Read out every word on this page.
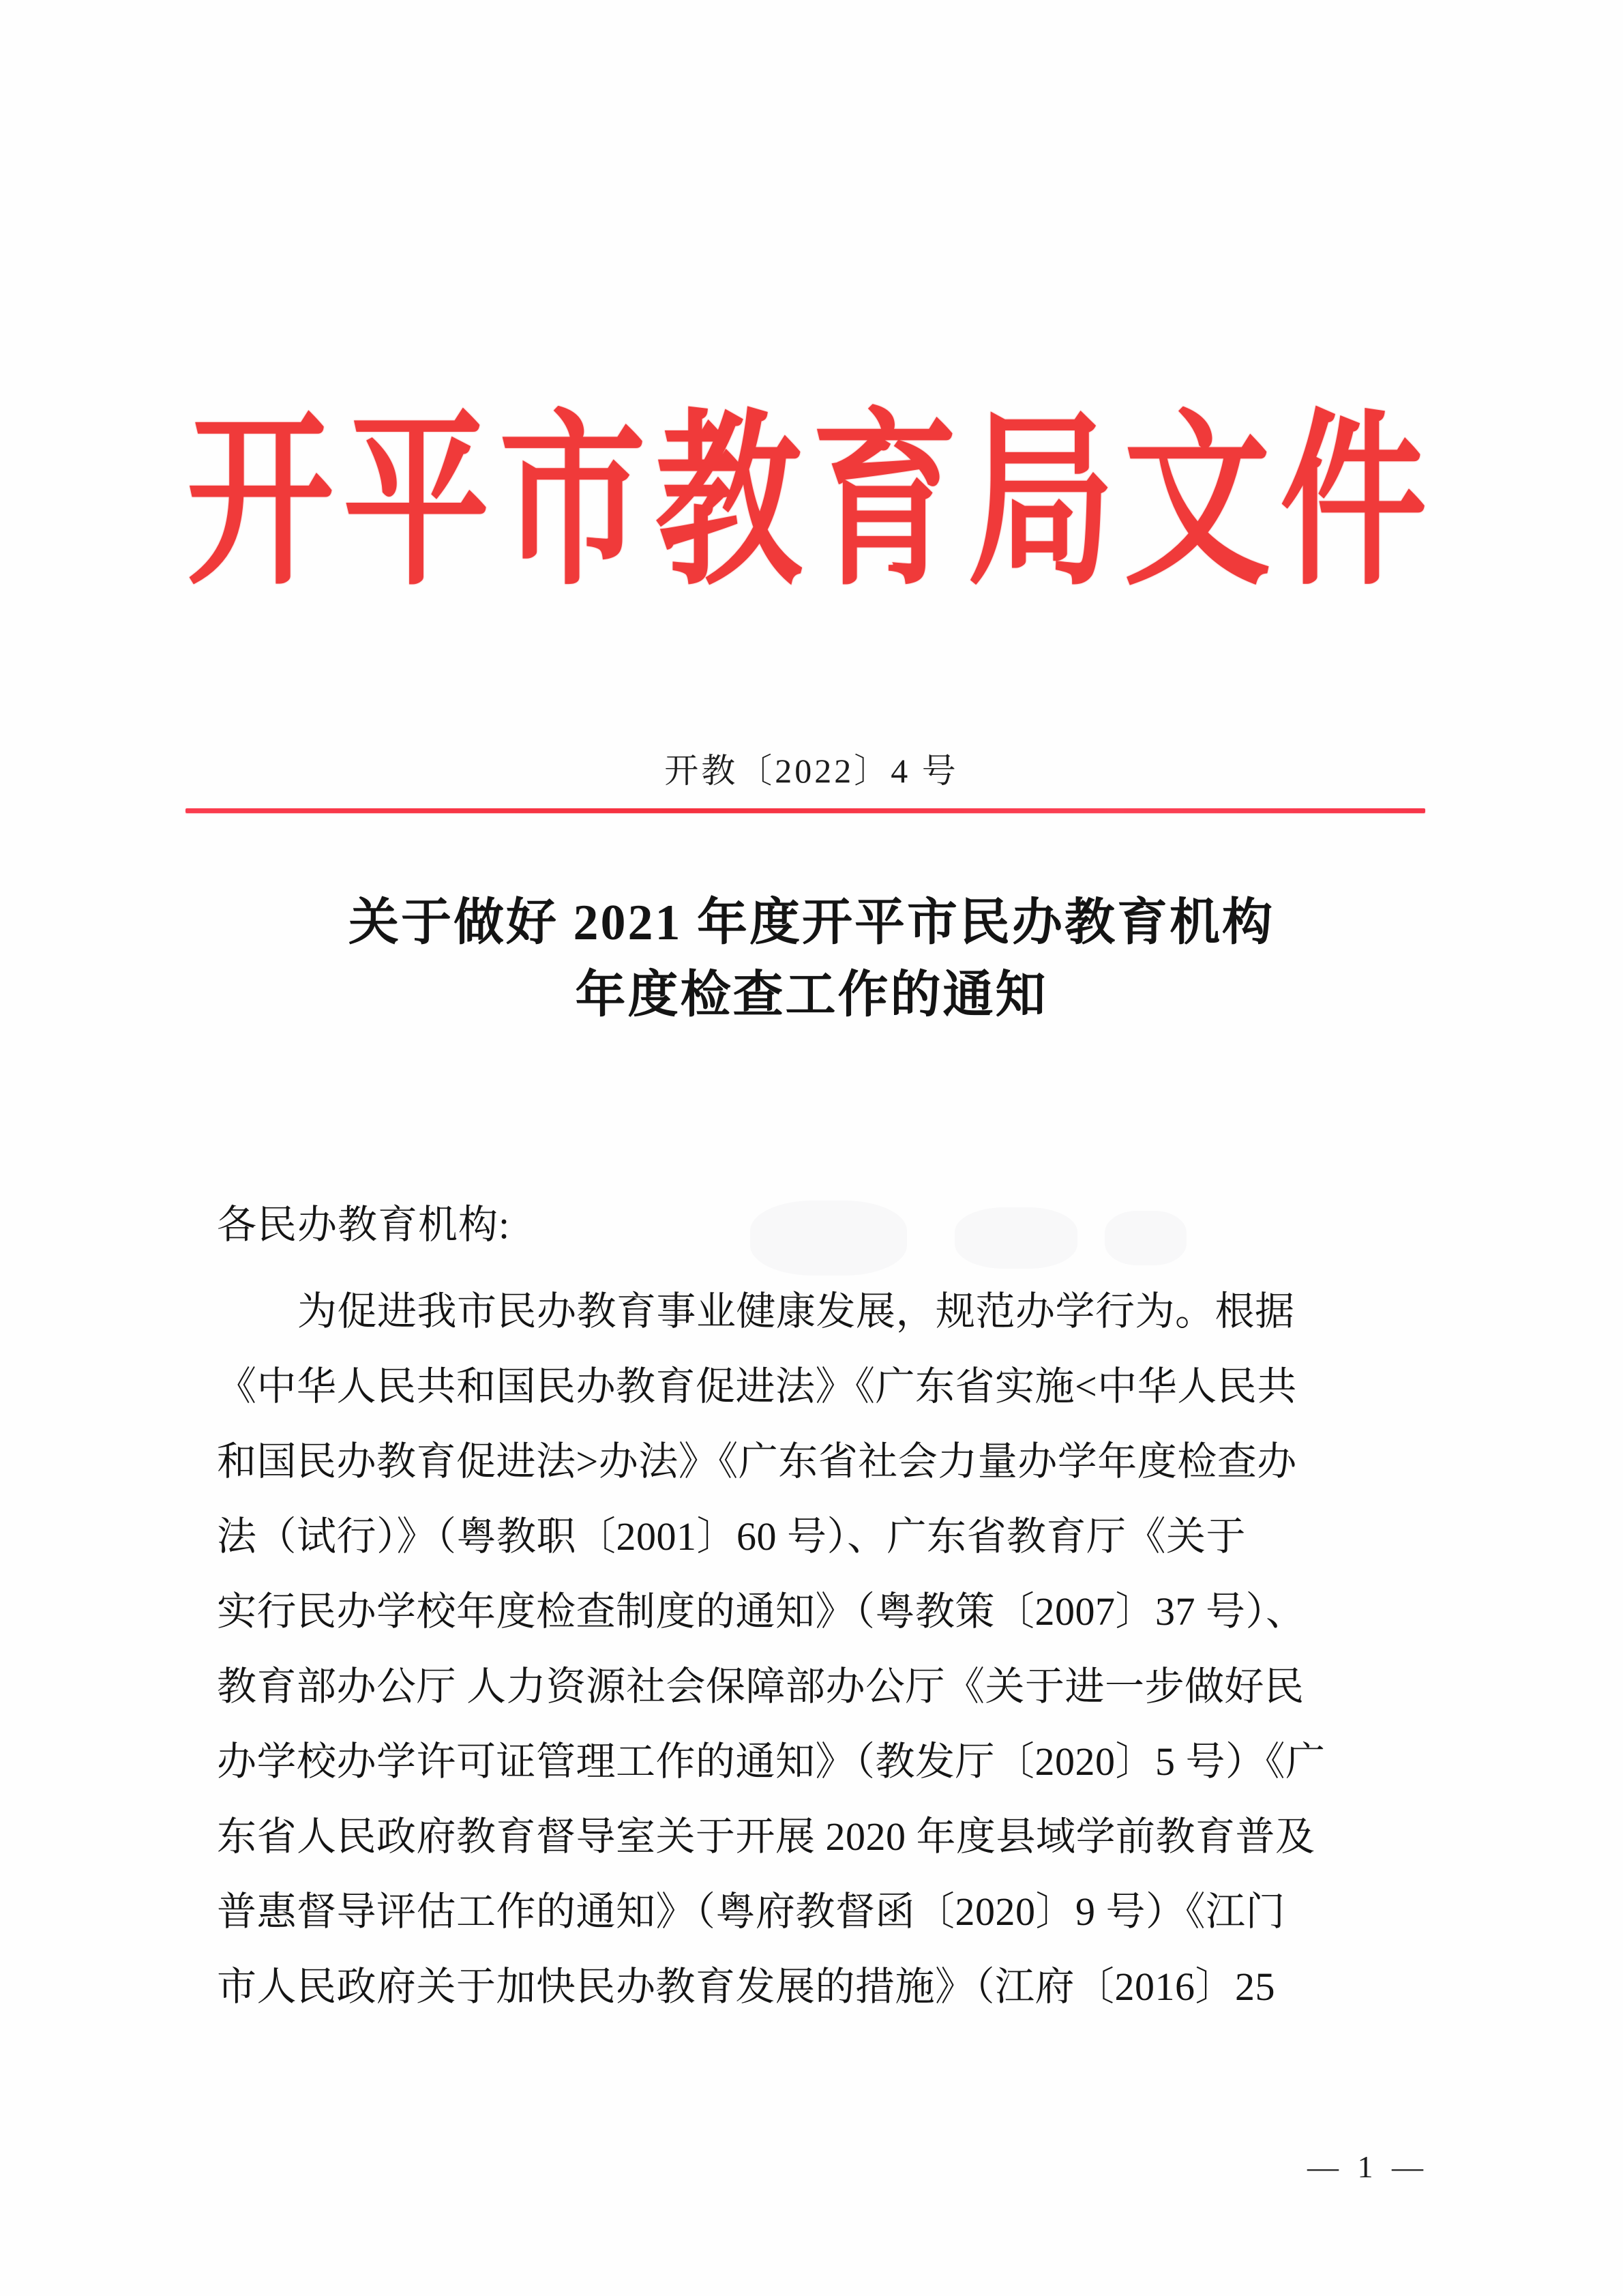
开平市教育局文件
开教〔2022〕4 号
关于做好 2021 年度开平市民办教育机构
年度检查工作的通知
各民办教育机构:
为促进我市民办教育事业健康发展，规范办学行为。根据
《中华人民共和国民办教育促进法》《广东省实施<中华人民共
和国民办教育促进法>办法》《广东省社会力量办学年度检查办
法（试行）》（粤教职〔2001〕60 号）、广东省教育厅《关于
实行民办学校年度检查制度的通知》（粤教策〔2007〕37 号）、
教育部办公厅 人力资源社会保障部办公厅《关于进一步做好民
办学校办学许可证管理工作的通知》（教发厅〔2020〕5 号）《广
东省人民政府教育督导室关于开展 2020 年度县域学前教育普及
普惠督导评估工作的通知》（粤府教督函〔2020〕9 号）《江门
市人民政府关于加快民办教育发展的措施》（江府〔2016〕25
— 1 —
